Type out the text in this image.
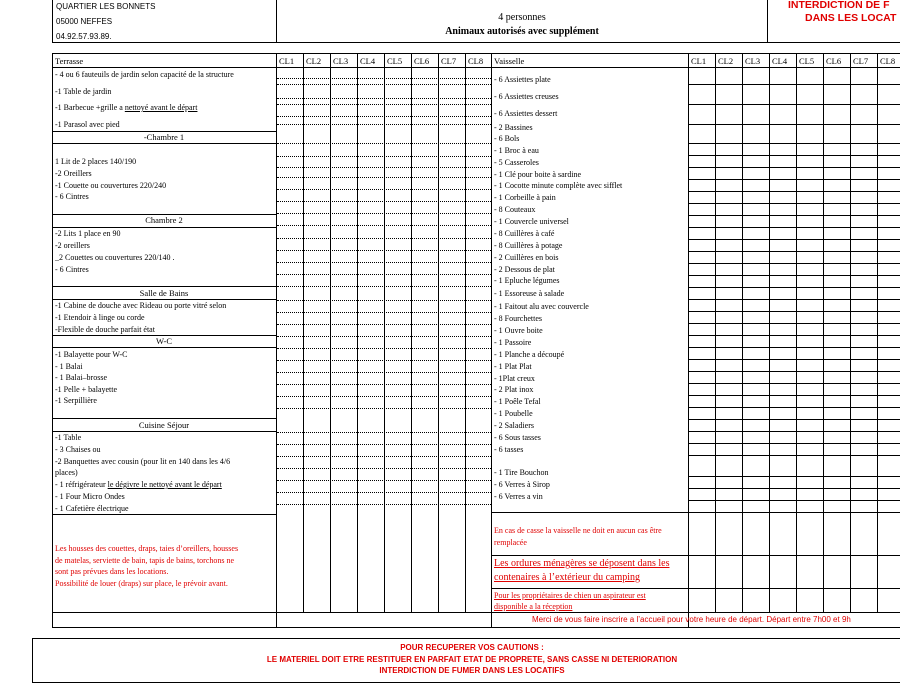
QUARTIER LES BONNETS
05000 NEFFES
04.92.57.93.89.
4 personnes
Animaux autorisés avec supplément
INTERDICTION DE F
DANS LES LOCAT
Terrasse	CL1 CL2 CL3 CL4 CL5 CL6 CL7 CL8 Vaisselle	CL1 CL2 CL3 CL4 CL5 CL6 CL7 CL8
- 4 ou 6 fauteuils de jardin selon capacité de la structure
-1 Table de jardin
-1 Barbecue +grille a nettoyé avant le départ
-1 Parasol avec pied
-Chambre 1
1 Lit de 2 places 140/190
-2 Oreillers
-1 Couette ou couvertures 220/240
- 6 Cintres
Chambre 2
-2 Lits 1 place en 90
-2 oreillers
_2 Couettes ou couvertures 220/140 .
- 6 Cintres
Salle de Bains
-1 Cabine de douche avec Rideau ou porte vitré selon
-1 Etendoir à linge ou corde
-Flexible de douche parfait état
W-C
-1 Balayette pour W-C
- 1 Balai
- 1 Balai–brosse
-1 Pelle + balayette
-1 Serpillière
Cuisine Séjour
-1 Table
- 3 Chaises ou
-2 Banquettes avec cousin (pour lit en 140 dans les 4/6
places)
- 1 réfrigérateur le dégivre le nettoyé avant le départ
- 1 Four Micro Ondes
- 1 Cafetière électrique
Les housses des couettes, draps, taies d’oreillers, housses
de matelas, serviette de bain, tapis de bains, torchons ne
sont pas prévues dans les locations.
Possibilité de louer (draps) sur place, le prévoir avant.
- 6 Assiettes plate
- 6 Assiettes creuses
- 6 Assiettes dessert
- 2 Bassines
- 6 Bols
- 1 Broc à eau
- 5 Casseroles
- 1 Clé pour boite à sardine
- 1 Cocotte minute complète avec sifflet
- 1 Corbeille à pain
- 8 Couteaux
- 1 Couvercle universel
- 8 Cuillères à café
- 8 Cuillères à potage
- 2 Cuillères en bois
- 2 Dessous de plat
- 1 Epluche légumes
- 1 Essoreuse à salade
- 1 Faitout alu avec couvercle
- 8 Fourchettes
- 1 Ouvre boite
- 1 Passoire
- 1 Planche a découpé
- 1 Plat Plat
- 1Plat creux
- 2 Plat inox
- 1 Poêle Tefal
- 1 Poubelle
- 2 Saladiers
- 6 Sous tasses
- 6 tasses
- 1 Tire Bouchon
- 6 Verres à Sirop
- 6 Verres a vin
En cas de casse la vaisselle ne doit en aucun cas être
remplacée
Les ordures ménagères se déposent dans les
contenaires à l’extérieur du camping
Pour les propriétaires de chien un aspirateur est
disponible a la réception
Merci de vous faire inscrire a l’accueil pour votre heure de départ. Départ entre 7h00 et 9h
POUR RECUPERER VOS CAUTIONS :
LE MATERIEL DOIT ETRE RESTITUER EN PARFAIT ETAT DE PROPRETE, SANS CASSE NI DETERIORATION
INTERDICTION DE FUMER DANS LES LOCATIFS
